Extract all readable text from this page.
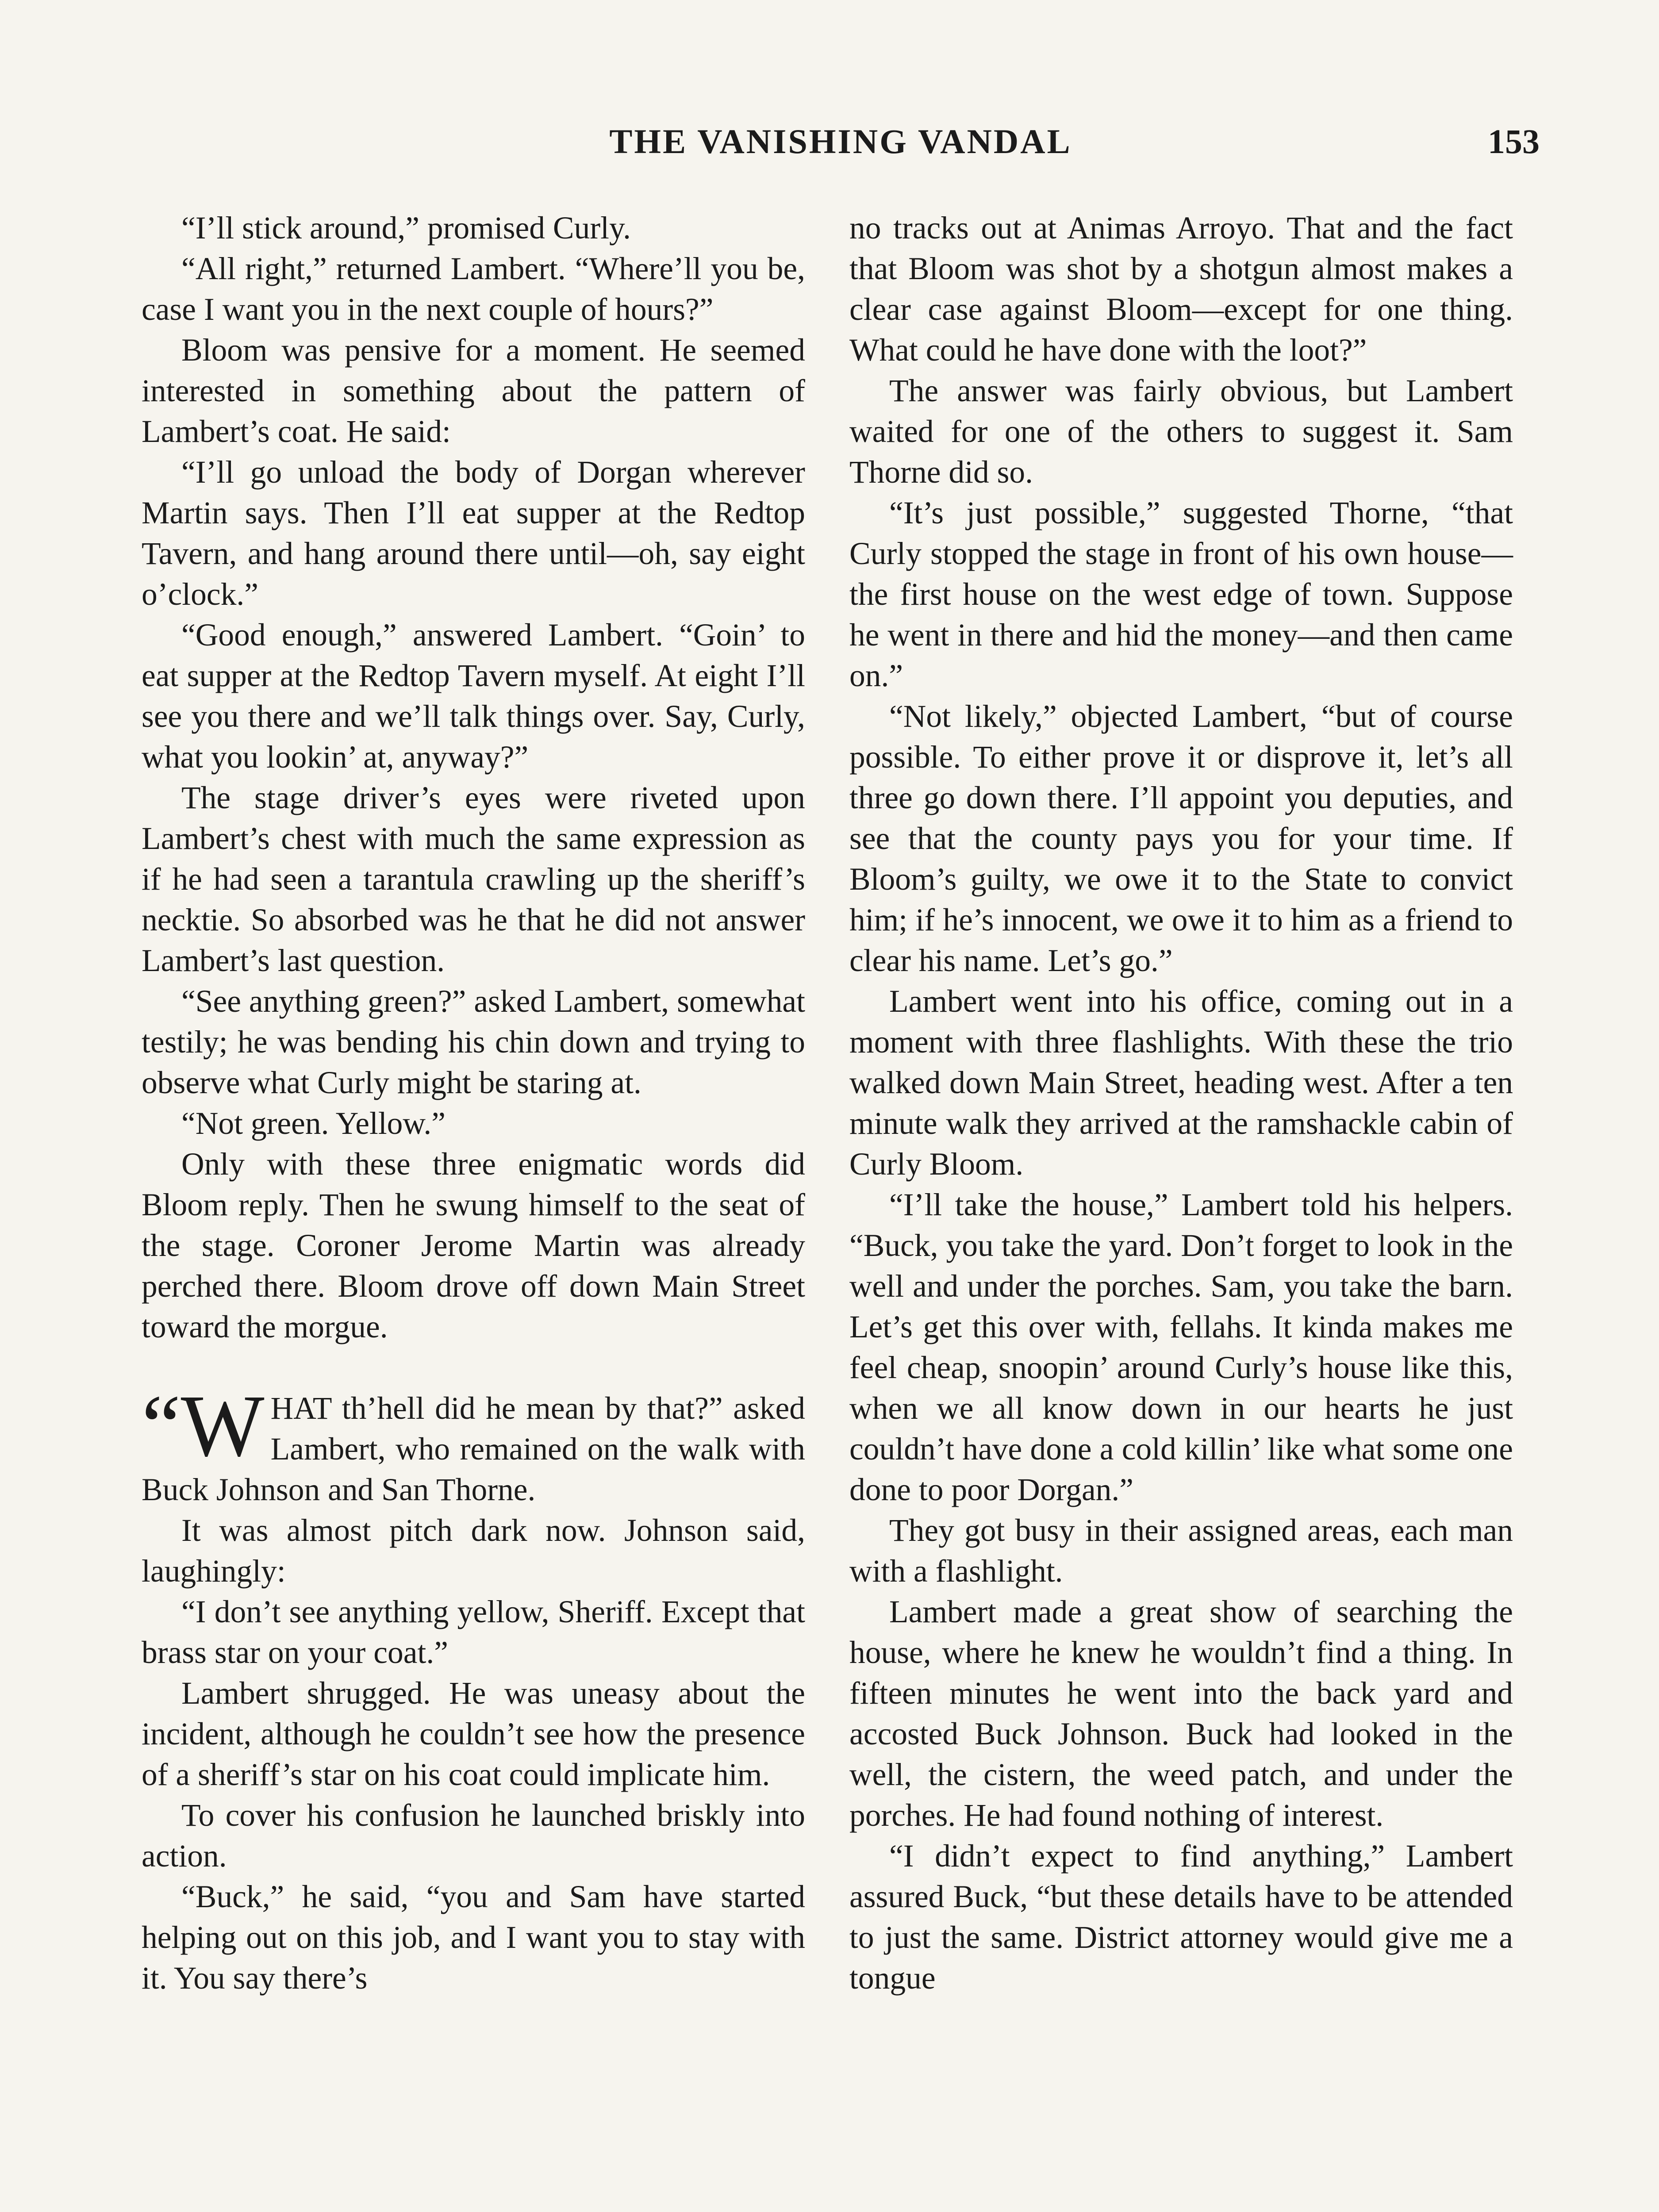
THE VANISHING VANDAL	153

“I’ll stick around,” promised Curly.

“All right,” returned Lambert. “Where’ll you be, case I want you in the next couple of hours?”

Bloom was pensive for a moment. He seemed interested in something about the pattern of Lambert’s coat. He said:

“I’ll go unload the body of Dorgan wherever Martin says. Then I’ll eat supper at the Redtop Tavern, and hang around there until—oh, say eight o’clock.”

“Good enough,” answered Lambert. “Goin’ to eat supper at the Redtop Tavern myself. At eight I’ll see you there and we’ll talk things over. Say, Curly, what you lookin’ at, anyway?”

The stage driver’s eyes were riveted upon Lambert’s chest with much the same expression as if he had seen a tarantula crawling up the sheriff’s necktie. So absorbed was he that he did not answer Lambert’s last question.

“See anything green?” asked Lambert, somewhat testily; he was bending his chin down and trying to observe what Curly might be staring at.

“Not green. Yellow.”

Only with these three enigmatic words did Bloom reply. Then he swung himself to the seat of the stage. Coroner Jerome Martin was already perched there. Bloom drove off down Main Street toward the morgue.

“W HAT th’hell did he mean by that?” asked Lambert, who remained on the walk with Buck Johnson and San Thorne.

It was almost pitch dark now. Johnson said, laughingly:

“I don’t see anything yellow, Sheriff. Except that brass star on your coat.”

Lambert shrugged. He was uneasy about the incident, although he couldn’t see how the presence of a sheriff’s star on his coat could implicate him.

To cover his confusion he launched briskly into action.

“Buck,” he said, “you and Sam have started helping out on this job, and I want you to stay with it. You say there’s

no tracks out at Animas Arroyo. That and the fact that Bloom was shot by a shotgun almost makes a clear case against Bloom—except for one thing. What could he have done with the loot?”

The answer was fairly obvious, but Lambert waited for one of the others to suggest it. Sam Thorne did so.

“It’s just possible,” suggested Thorne, “that Curly stopped the stage in front of his own house—the first house on the west edge of town. Suppose he went in there and hid the money—and then came on.”

“Not likely,” objected Lambert, “but of course possible. To either prove it or disprove it, let’s all three go down there. I’ll appoint you deputies, and see that the county pays you for your time. If Bloom’s guilty, we owe it to the State to convict him; if he’s innocent, we owe it to him as a friend to clear his name. Let’s go.”

Lambert went into his office, coming out in a moment with three flashlights. With these the trio walked down Main Street, heading west. After a ten minute walk they arrived at the ramshackle cabin of Curly Bloom.

“I’ll take the house,” Lambert told his helpers. “Buck, you take the yard. Don’t forget to look in the well and under the porches. Sam, you take the barn. Let’s get this over with, fellahs. It kinda makes me feel cheap, snoopin’ around Curly’s house like this, when we all know down in our hearts he just couldn’t have done a cold killin’ like what some one done to poor Dorgan.”

They got busy in their assigned areas, each man with a flashlight.

Lambert made a great show of searching the house, where he knew he wouldn’t find a thing. In fifteen minutes he went into the back yard and accosted Buck Johnson. Buck had looked in the well, the cistern, the weed patch, and under the porches. He had found nothing of interest.

“I didn’t expect to find anything,” Lambert assured Buck, “but these details have to be attended to just the same. District attorney would give me a tongue
